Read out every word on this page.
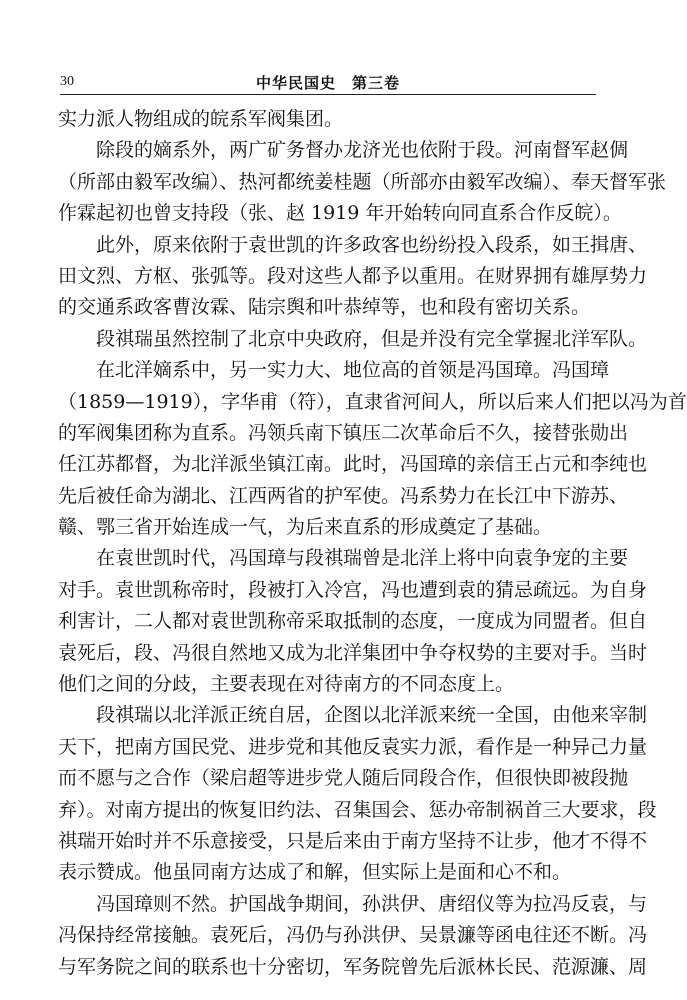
30	中华民国史　第三卷
实力派人物组成的皖系军阀集团。
除段的嫡系外，两广矿务督办龙济光也依附于段。河南督军赵倜
（所部由毅军改编）、热河都统姜桂题（所部亦由毅军改编）、奉天督军张
作霖起初也曾支持段（张、赵 1919 年开始转向同直系合作反皖）。
此外，原来依附于袁世凯的许多政客也纷纷投入段系，如王揖唐、
田文烈、方枢、张弧等。段对这些人都予以重用。在财界拥有雄厚势力
的交通系政客曹汝霖、陆宗舆和叶恭绰等，也和段有密切关系。
段祺瑞虽然控制了北京中央政府，但是并没有完全掌握北洋军队。
在北洋嫡系中，另一实力大、地位高的首领是冯国璋。冯国璋
（1859—1919），字华甫（符），直隶省河间人，所以后来人们把以冯为首
的军阀集团称为直系。冯领兵南下镇压二次革命后不久，接替张勋出
任江苏都督，为北洋派坐镇江南。此时，冯国璋的亲信王占元和李纯也
先后被任命为湖北、江西两省的护军使。冯系势力在长江中下游苏、
赣、鄂三省开始连成一气，为后来直系的形成奠定了基础。
在袁世凯时代，冯国璋与段祺瑞曾是北洋上将中向袁争宠的主要
对手。袁世凯称帝时，段被打入冷宫，冯也遭到袁的猜忌疏远。为自身
利害计，二人都对袁世凯称帝采取抵制的态度，一度成为同盟者。但自
袁死后，段、冯很自然地又成为北洋集团中争夺权势的主要对手。当时
他们之间的分歧，主要表现在对待南方的不同态度上。
段祺瑞以北洋派正统自居，企图以北洋派来统一全国，由他来宰制
天下，把南方国民党、进步党和其他反袁实力派，看作是一种异己力量
而不愿与之合作（梁启超等进步党人随后同段合作，但很快即被段抛
弃）。对南方提出的恢复旧约法、召集国会、惩办帝制祸首三大要求，段
祺瑞开始时并不乐意接受，只是后来由于南方坚持不让步，他才不得不
表示赞成。他虽同南方达成了和解，但实际上是面和心不和。
冯国璋则不然。护国战争期间，孙洪伊、唐绍仪等为拉冯反袁，与
冯保持经常接触。袁死后，冯仍与孙洪伊、吴景濂等函电往还不断。冯
与军务院之间的联系也十分密切，军务院曾先后派林长民、范源濂、周
